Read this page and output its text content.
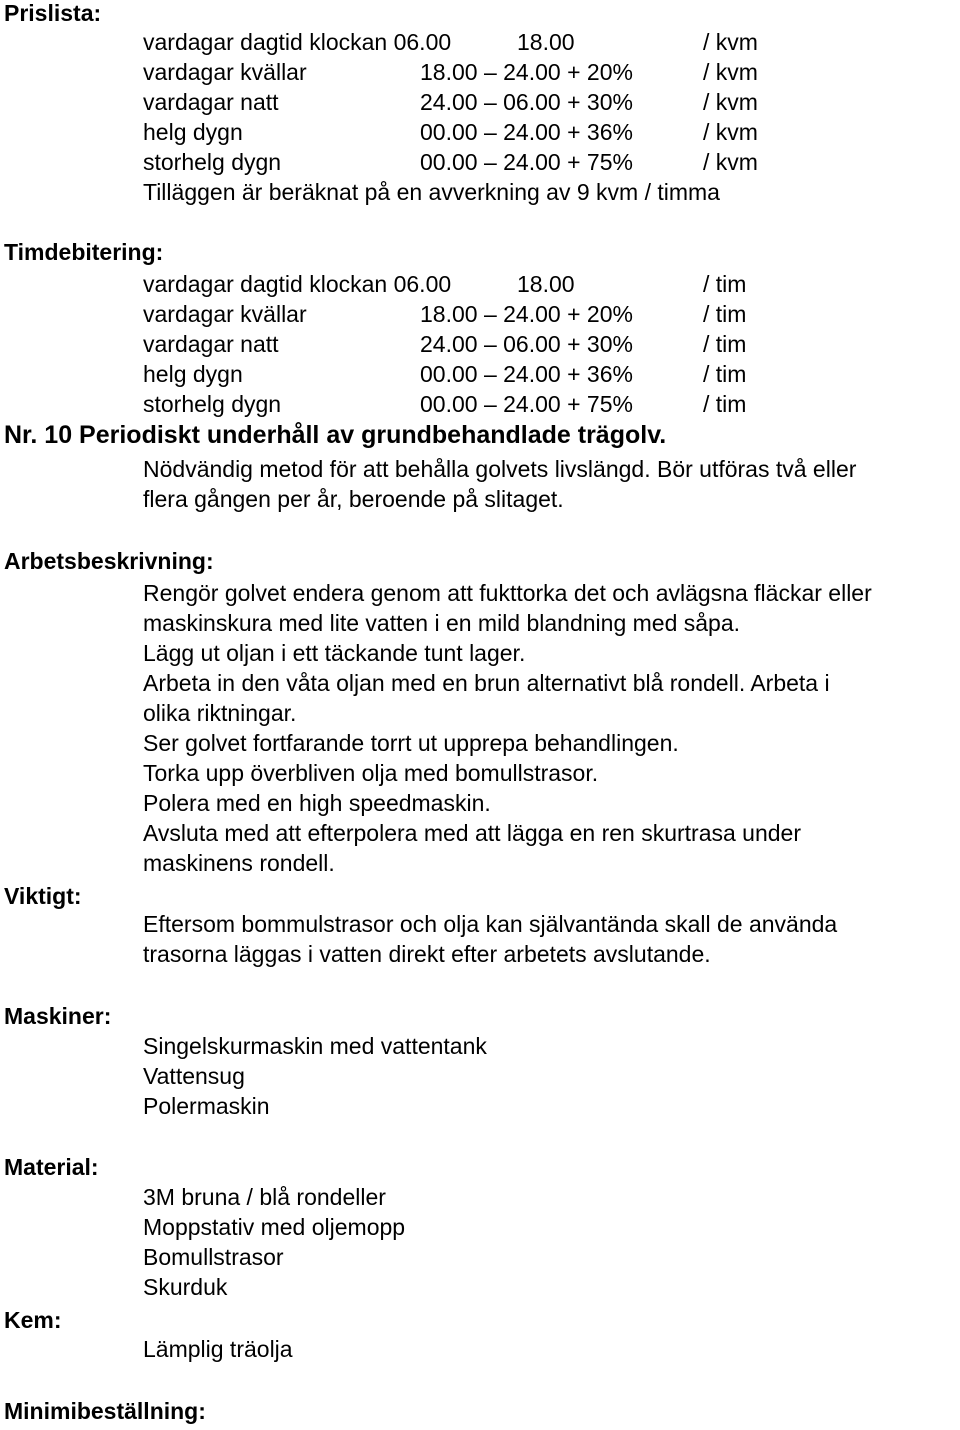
Prislista:
vardagar dagtid klockan 06.00	18.00	/ kvm
vardagar kvällar	18.00 – 24.00 + 20%	/ kvm
vardagar natt	24.00 – 06.00 + 30%	/ kvm
helg dygn	00.00 – 24.00 + 36%	/ kvm
storhelg dygn	00.00 – 24.00 + 75%	/ kvm
Tilläggen är beräknat på en avverkning av 9 kvm / timma
Timdebitering:
vardagar dagtid klockan 06.00	18.00	/ tim
vardagar kvällar	18.00 – 24.00 + 20%	/ tim
vardagar natt	24.00 – 06.00 + 30%	/ tim
helg dygn	00.00 – 24.00 + 36%	/ tim
storhelg dygn	00.00 – 24.00 + 75%	/ tim
Nr. 10 Periodiskt underhåll av grundbehandlade trägolv.
Nödvändig metod för att behålla golvets livslängd. Bör utföras två eller
flera gången per år, beroende på slitaget.
Arbetsbeskrivning:
Rengör golvet endera genom att fukttorka det och avlägsna fläckar eller
maskinskura med lite vatten i en mild blandning med såpa.
Lägg ut oljan i ett täckande tunt lager.
Arbeta in den våta oljan med en brun alternativt blå rondell. Arbeta i
olika riktningar.
Ser golvet fortfarande torrt ut upprepa behandlingen.
Torka upp överbliven olja med bomullstrasor.
Polera med en high speedmaskin.
Avsluta med att efterpolera med att lägga en ren skurtrasa under
maskinens rondell.
Viktigt:
Eftersom bommulstrasor och olja kan självantända skall de använda
trasorna läggas i vatten direkt efter arbetets avslutande.
Maskiner:
Singelskurmaskin med vattentank
Vattensug
Polermaskin
Material:
3M bruna / blå rondeller
Moppstativ med oljemopp
Bomullstrasor
Skurduk
Kem:
Lämplig träolja
Minimibeställning:
